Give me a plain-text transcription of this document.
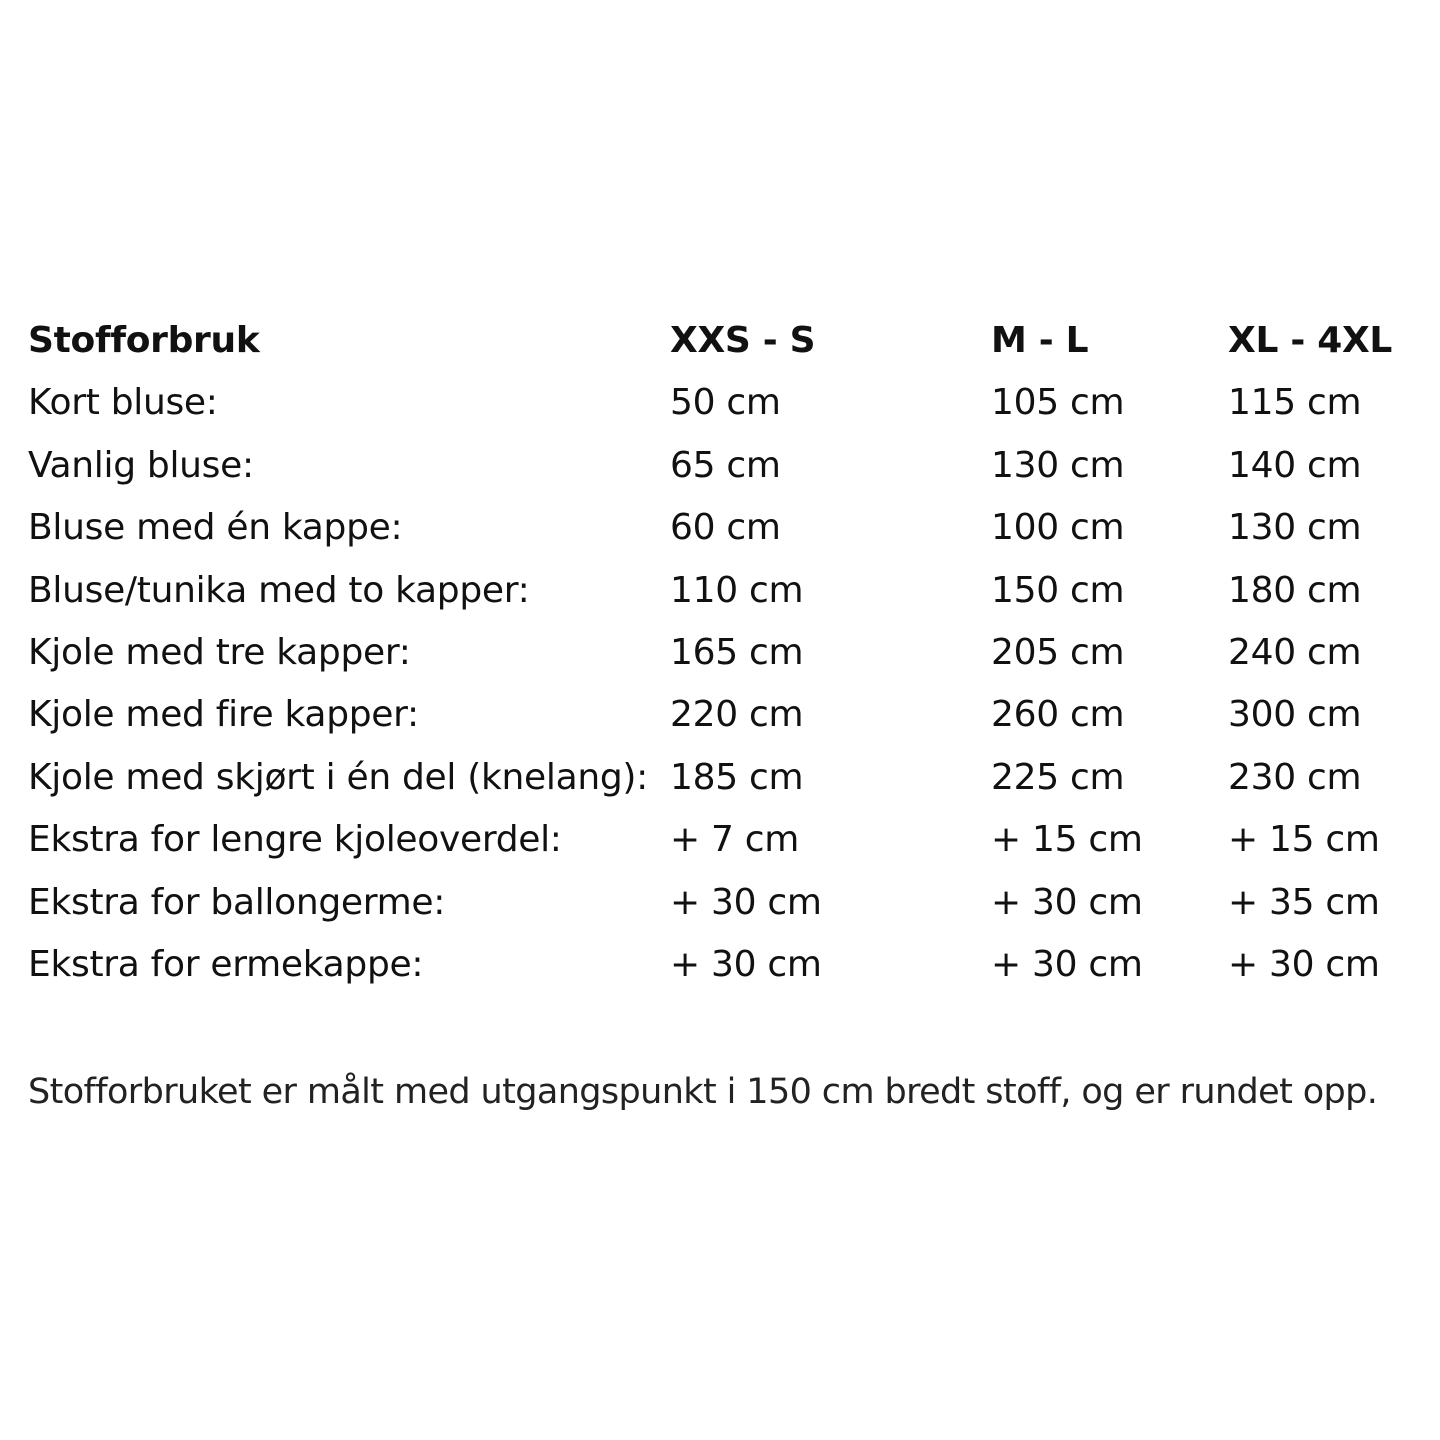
Stofforbruk	XXS - S	M - L	XL - 4XL
Kort bluse:	50 cm	105 cm	115 cm
Vanlig bluse:	65 cm	130 cm	140 cm
Bluse med én kappe:	60 cm	100 cm	130 cm
Bluse/tunika med to kapper:	110 cm	150 cm	180 cm
Kjole med tre kapper:	165 cm	205 cm	240 cm
Kjole med fire kapper:	220 cm	260 cm	300 cm
Kjole med skjørt i én del (knelang): 185 cm	225 cm	230 cm
Ekstra for lengre kjoleoverdel:	+ 7 cm	+ 15 cm + 15 cm
Ekstra for ballongerme:	+ 30 cm	+ 30 cm + 35 cm
Ekstra for ermekappe:	+ 30 cm	+ 30 cm + 30 cm
Stofforbruket er målt med utgangspunkt i 150 cm bredt stoff, og er rundet opp.
